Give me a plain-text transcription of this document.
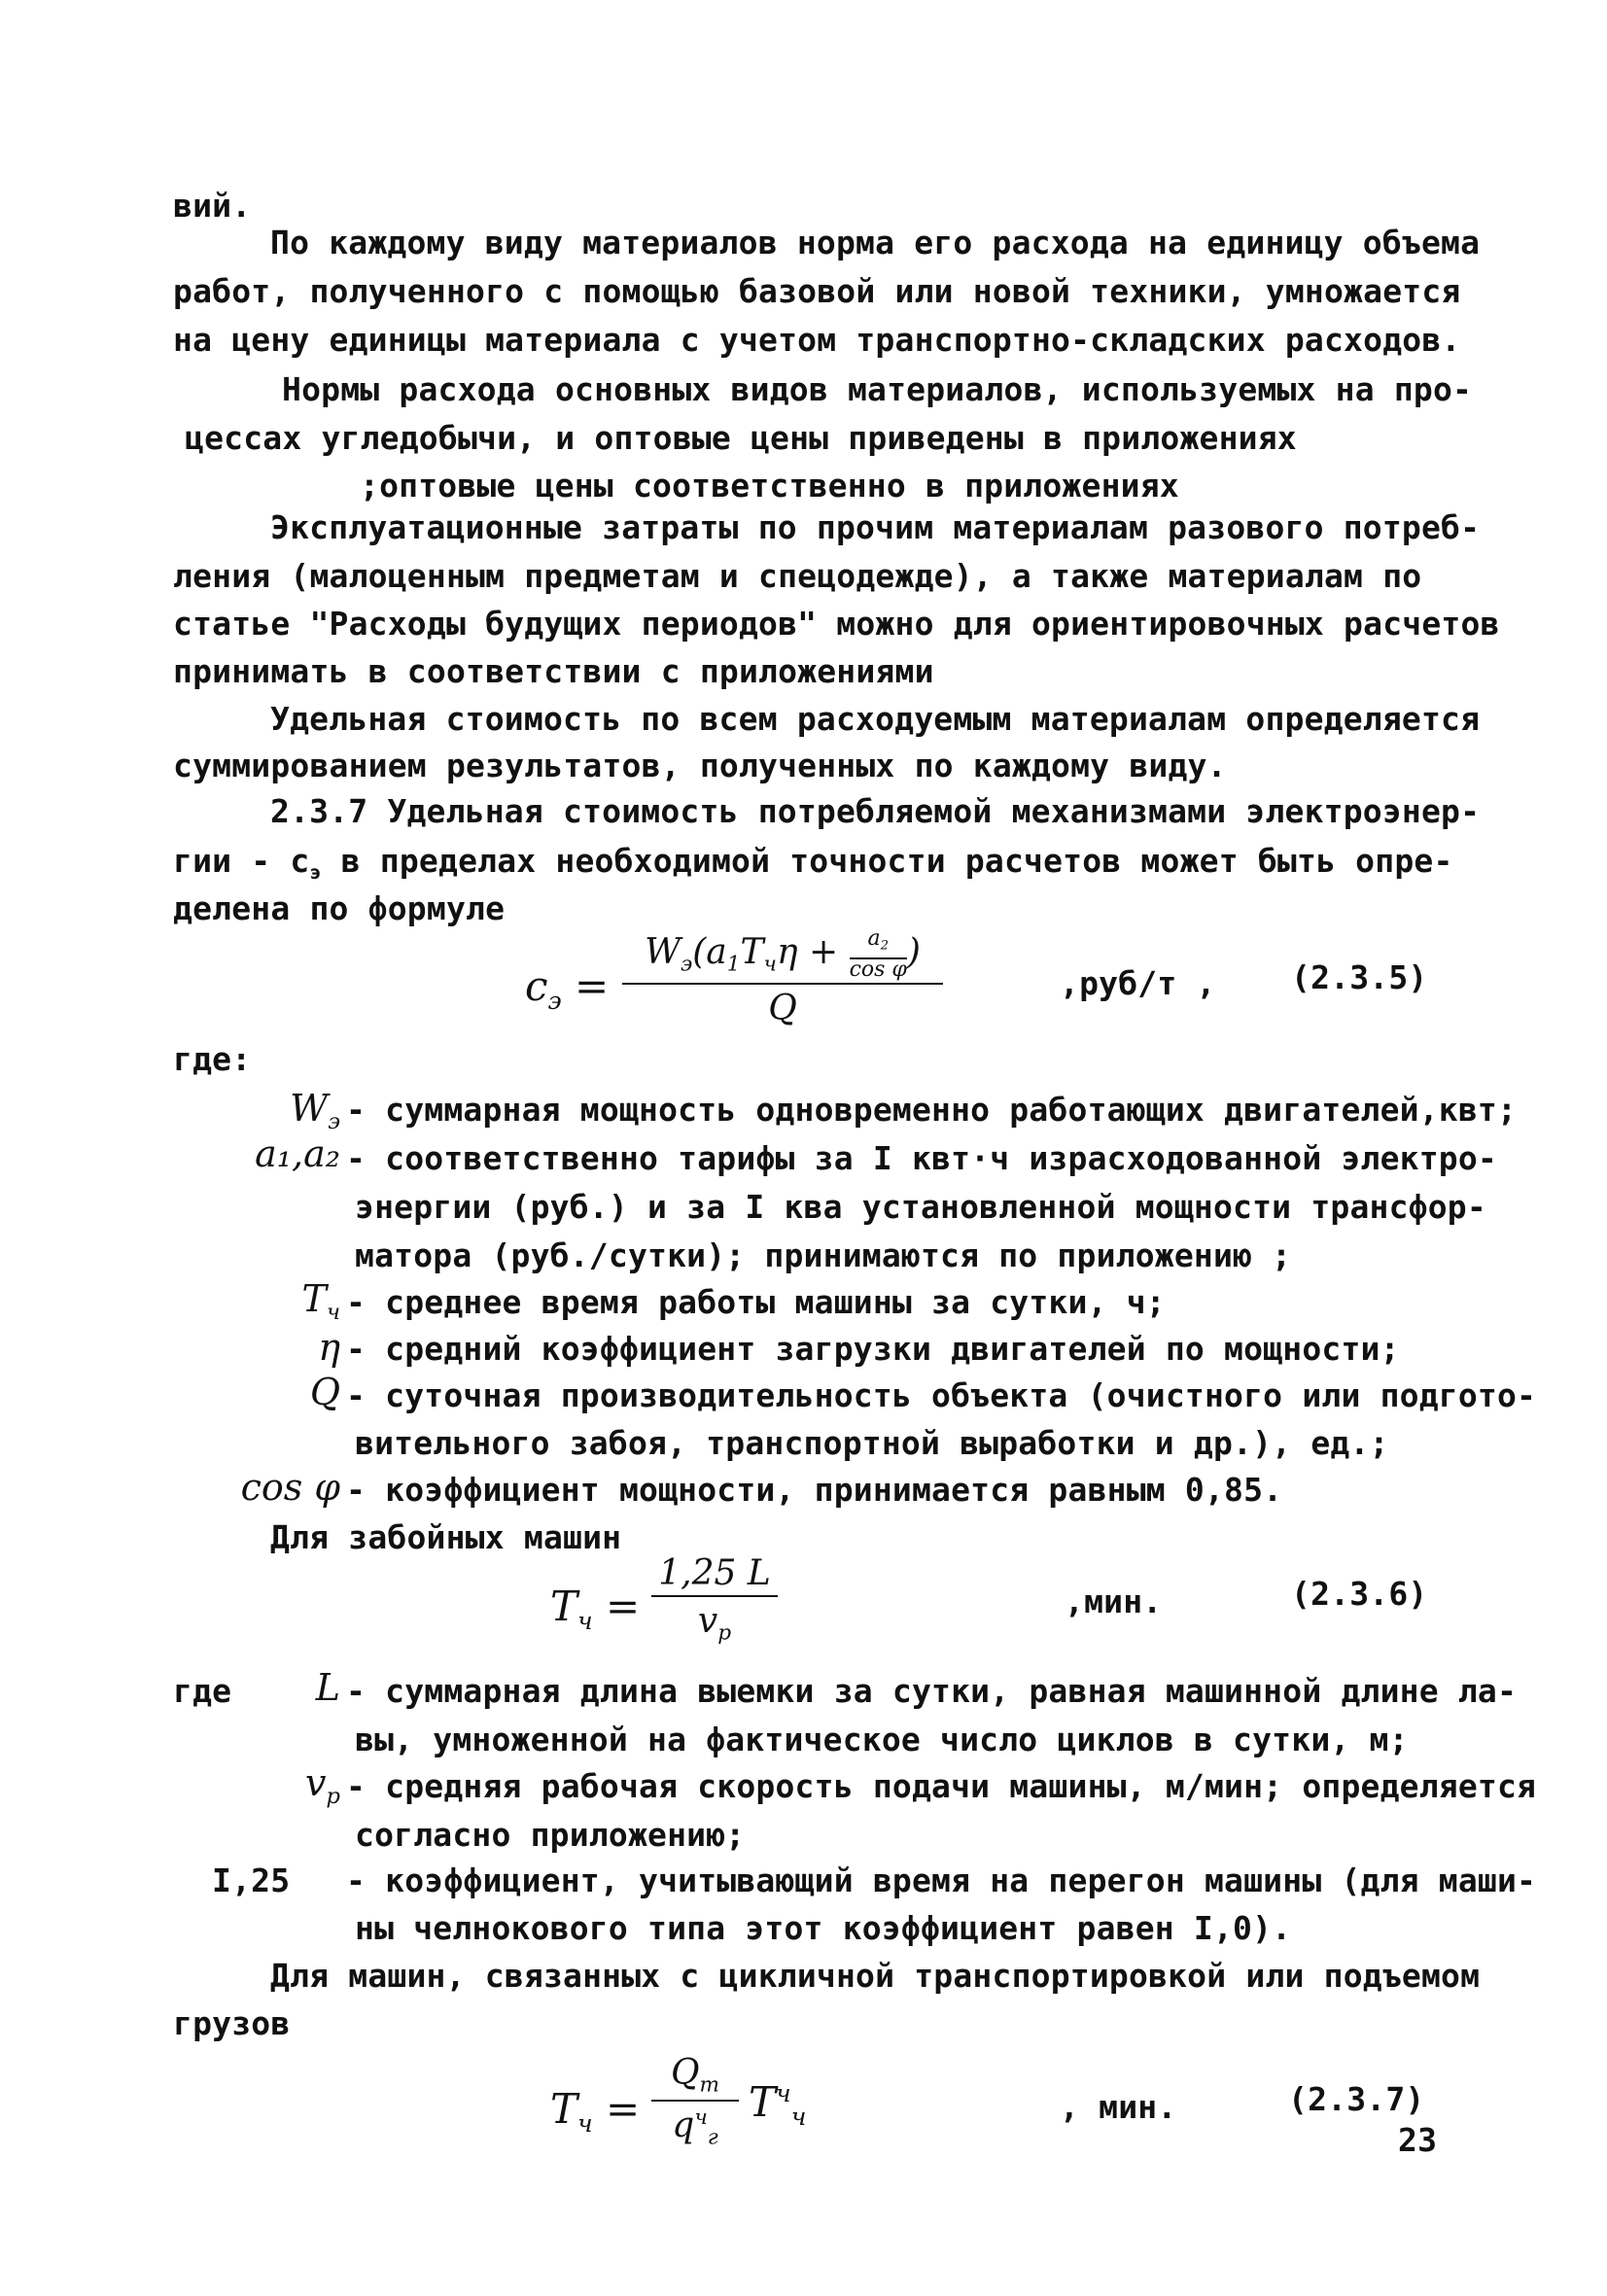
вий.
По каждому виду материалов норма его расхода на единицу объема
работ, полученного с помощью базовой или новой техники, умножается
на цену единицы материала с учетом транспортно-складских расходов.
Нормы расхода основных видов материалов, используемых на про-
цессах угледобычи, и оптовые цены приведены в приложениях
;оптовые цены соответственно в приложениях
Эксплуатационные затраты по прочим материалам разового потреб-
ления (малоценным предметам и спецодежде), а также материалам по
статье "Расходы будущих периодов" можно для ориентировочных расчетов
принимать в соответствии с приложениями
Удельная стоимость по всем расходуемым материалам определяется
суммированием результатов, полученных по каждому виду.
2.3.7 Удельная стоимость потребляемой механизмами электроэнер-
гии - $с_э$ в пределах необходимой точности расчетов может быть опре-
делена по формуле
$с_э$ =
$W_э(a_1T_ч\eta + \frac{a_2}{\text{cos φ}}$ )
Q
,руб/т , (2.3.5)
где:
$W_э$ - суммарная мощность одновременно работающих двигателей,квт;
a₁,a₂ - соответственно тарифы за I квт·ч израсходованной электро-
энергии (руб.) и за I ква установленной мощности трансфор-
матора (руб./сутки); принимаются по приложению ;
$T_ч$ - среднее время работы машины за сутки, ч;
η - средний коэффициент загрузки двигателей по мощности;
Q - суточная производительность объекта (очистного или подгото-
вительного забоя, транспортной выработки и др.), ед.;
cos φ - коэффициент мощности, принимается равным 0,85.
Для забойных машин
$T_ч$ =
1,25 L
$v_р$
,мин.	(2.3.6)
где	L - суммарная длина выемки за сутки, равная машинной длине ла-
вы, умноженной на фактическое число циклов в сутки, м;
$v_р$ - средняя рабочая скорость подачи машины, м/мин; определяется
согласно приложению;
I,25 - коэффициент, учитывающий время на перегон машины (для маши-
ны челнокового типа этот коэффициент равен I,0).
Для машин, связанных с цикличной транспортировкой или подъемом
грузов
$T_ч$ =
$Q_т$
$q^ч_г$
$T^ч_ч$	, мин.	(2.3.7)
23
